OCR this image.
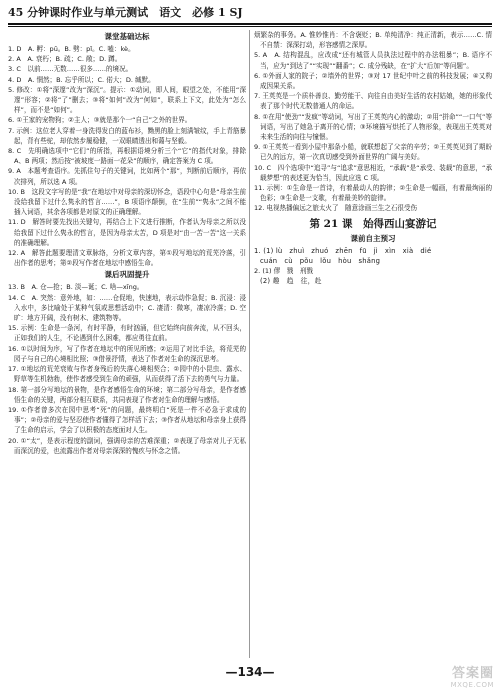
45 分钟课时作业与单元测试　语文　必修 1 SJ
课堂基础达标

1. D　A. 孵：pū。B. 劈：pǐ。C. 嗑：kè。

2. A　A. 衰朽；B. 疏；C. 敞；D. 蹲。

3. C　以前……无数……很多……的境况。

4. D　A. 惘然；B. 忘乎所以；C. 偌大；D. 缄默。

5. 修改：①将“深邃”改为“深沉”。提示：①动词，即人间，眼望之处，不能用“深邃”形容；②将“了”删去；③将“如何”改为“何如”，联系上下文，此处为“怎么样”，而不是“如何”。

6. ①王家的宠物狗；②主人；③就是那个一“自己”之外的世界。

7. 示例：这位老人穿着一身洗得发白的蓝布衫，黝黑的脸上刻满皱纹，手上青筋暴起，背有些驼，却依然步履稳健，一双眼睛透出和蔼与坚毅。

8. C　先明确选项中“它们”的所指，再根据语境分析三个“它”的指代对象，排除 A、B 两项；然后按“被坡度一路面一花朵”的顺序，确定答案为 C 项。

9. A　本题考查语序。先抓住句子的关键词，比如两个“那”，判断前后顺序，再依次排列，所以选 A 项。

10. B　这段文字写的是“我”在地坛中对母亲的深切怀念，语段中心句是“母亲生前没给我留下过什么隽永的哲言……”，B 项语序颠倒，在“生前”“隽永”之间不能插入词语，其余各项都是对原文的正确理解。

11. D　解答时要先找出关键句，再结合上下文进行推断，作者认为母亲之所以没给我留下过什么隽永的哲言，是因为母亲太苦，D 项是对“由一苦一苦”这一关系的准确理解。

12. A　解答此题要理清文章脉络，分析文章内容，第①段写地坛的荒芜冷落，引出作者的思考；第②段写作者在地坛中感悟生命。

课后巩固提升

13. B　A. 仓—抢；B. 淡—诞；C. 啥—xīng。

14. C　A. 突然：意外地，如：……仓促地，快速地，表示动作急促；B. 沉浸：浸入水中，多比喻处于某种气氛或思想活动中；C. 凄清：微寒，凄凉冷落；D. 空旷：地方开阔，没有树木、建筑物等。

15. 示例：生命是一条河，有时平静，有时汹涌，但它始终向前奔流，从不回头，正如我们的人生，不论遇到什么困难，都应勇往直前。

16. ①以时间为序，写了作者在地坛中的所见所感；②运用了对比手法，将荒芜的园子与自己的心境相比照；③借景抒情，表达了作者对生命的深沉思考。

17. ①地坛的荒芜衰败与作者身残后的失落心境相契合；②园中的小昆虫、露水、野草等生机勃勃，使作者感受到生命的顽强，从而获得了活下去的勇气与力量。

18. 第一部分写地坛的景物，是作者感悟生命的环境；第二部分写母亲，是作者感悟生命的关键，两部分相互联系，共同表现了作者对生命的理解与感悟。

19. ①作者曾多次在园中思考“死”的问题，最终明白“死是一件不必急于求成的事”；②母亲的爱与坚忍使作者懂得了怎样活下去；③作者从地坛和母亲身上获得了生命的启示，学会了以积极的态度面对人生。

20. ①“太”，是表示程度的副词，强调母亲的苦难深重；②表现了母亲对儿子无私而深沉的爱，也流露出作者对母亲深深的愧疚与怀念之情。

烦繁杂的事务。A. 惟妙惟肖：不含褒贬；B. 单纯清净：纯正清新，表示……C. 情不自禁：深深打动，形容感情之深厚。

5. A　A. 结构混乱，应改成“还有城管人员执法过程中的办法粗暴”；B. 语序不当，应为“到达了”“实现”“翻番”；C. 成分残缺，在“扩大”后加“等问题”。

6. ①外面人家的院子；②墙外的世界；③对 17 世纪中叶之前的科技发展；④又构成因果关系。

7. 王英英是一个质朴善良、勤劳能干、向往自由美好生活的农村姑娘，她的形象代表了那个时代无数普通人的命运。

8. ①在用“使劲”“发疯”等动词，写出了王英英内心的激动；②用“拼命”“一口气”等词语，写出了她急于离开的心情；③环境描写烘托了人物形象，表现出王英英对未来生活的向往与憧憬。

9. ①王英英一看到小屋中那条小船，就联想起了父亲的辛劳；②王英英见到了期盼已久的远方，第一次真切感受到外面世界的广阔与美好。

10. C　四个选项中“追寻”与“追求”意思相近，“承载”是“承受、装载”的意思，“承载梦想”的表述更为恰当，因此应选 C 项。

11. 示例：①生命是一首诗，有着最动人的韵律；②生命是一幅画，有着最绚丽的色彩；③生命是一支歌，有着最美妙的旋律。

12. 电视热播偏远之旅太火了　随意涂画三生之石很受伤

第 21 课　始得西山宴游记
课前自主预习

1. (1) lù　zhuì　zhuó　zhēn　fū　jì　xìn　xià　dié

cuán　cù　pǒu　lǒu　hòu　shǎng

2. (1) 僇　戮　刑戮

(2) 趣　趋　往，赴

—134—	答案圈
MXQE.COM
